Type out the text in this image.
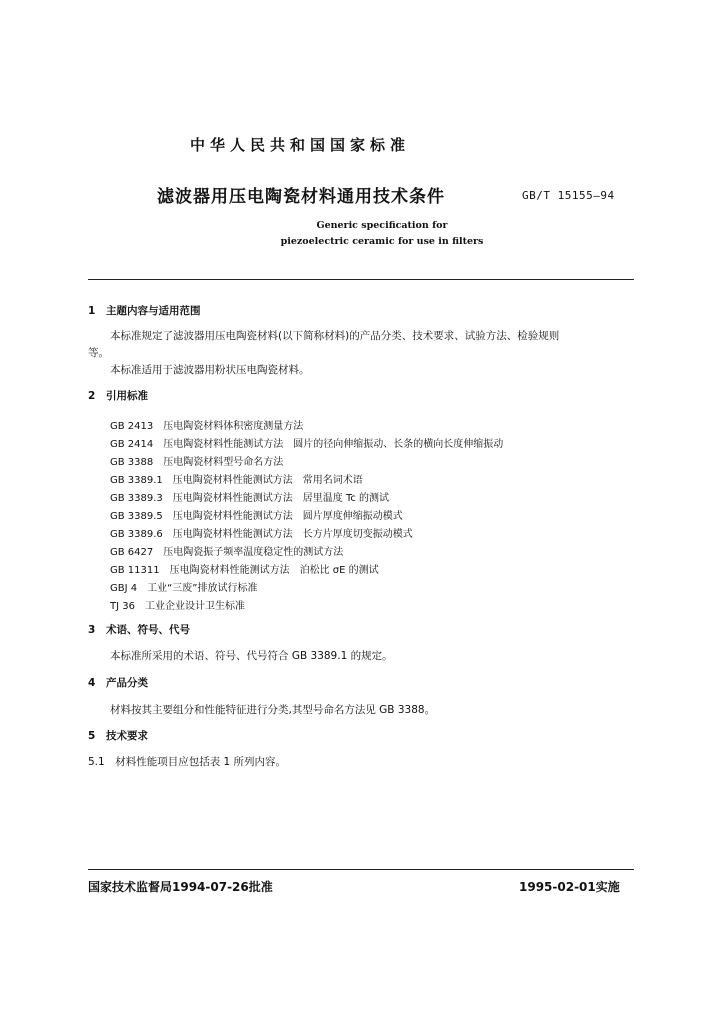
中华人民共和国国家标准
滤波器用压电陶瓷材料通用技术条件	GB/T 15155—94
Generic specification for
piezoelectric ceramic for use in filters
1 主题内容与适用范围
本标准规定了滤波器用压电陶瓷材料(以下简称材料)的产品分类、技术要求、试验方法、检验规则
等。
本标准适用于滤波器用粉状压电陶瓷材料。
2 引用标准
GB 2413　压电陶瓷材料体积密度测量方法
GB 2414　压电陶瓷材料性能测试方法　圆片的径向伸缩振动、长条的横向长度伸缩振动
GB 3388　压电陶瓷材料型号命名方法
GB 3389.1　压电陶瓷材料性能测试方法　常用名词术语
GB 3389.3　压电陶瓷材料性能测试方法　居里温度 Tc 的测试
GB 3389.5　压电陶瓷材料性能测试方法　圆片厚度伸缩振动模式
GB 3389.6　压电陶瓷材料性能测试方法　长方片厚度切变振动模式
GB 6427　压电陶瓷振子频率温度稳定性的测试方法
GB 11311　压电陶瓷材料性能测试方法　泊松比 σE 的测试
GBJ 4　工业“三废”排放试行标准
TJ 36　工业企业设计卫生标准
3 术语、符号、代号
本标准所采用的术语、符号、代号符合 GB 3389.1 的规定。
4 产品分类
材料按其主要组分和性能特征进行分类,其型号命名方法见 GB 3388。
5 技术要求
5.1　材料性能项目应包括表 1 所列内容。
国家技术监督局1994-07-26批准	1995-02-01实施
